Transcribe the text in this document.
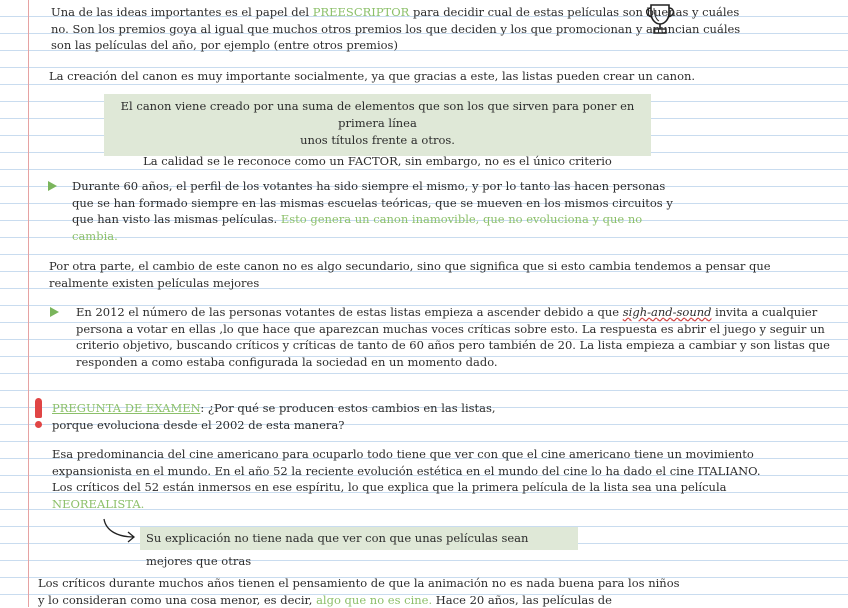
Una de las ideas importantes es el papel del PREESCRIPTOR para decidir cual de estas películas son buenas y cuáles
no. Son los premios goya al igual que muchos otros premios los que deciden y los que promocionan y anuncian cuáles
son las películas del año, por ejemplo (entre otros premios)
La creación del canon es muy importante socialmente, ya que gracias a este, las listas pueden crear un canon.
El canon viene creado por una suma de elementos que son los que sirven para poner en primera línea
unos títulos frente a otros.
La calidad se le reconoce como un FACTOR, sin embargo, no es el único criterio
Durante 60 años, el perfil de los votantes ha sido siempre el mismo, y por lo tanto las hacen personas
que se han formado siempre en las mismas escuelas teóricas, que se mueven en los mismos circuitos y
que han visto las mismas películas. Esto genera un canon inamovible, que no evoluciona y que no
cambia.
Por otra parte, el cambio de este canon no es algo secundario, sino que significa que si esto cambia tendemos a pensar que
realmente existen películas mejores
En 2012 el número de las personas votantes de estas listas empieza a ascender debido a que sigh-and-sound invita a cualquier
persona a votar en ellas ,lo que hace que aparezcan muchas voces críticas sobre esto. La respuesta es abrir el juego y seguir un
criterio objetivo, buscando críticos y críticas de tanto de 60 años pero también de 20. La lista empieza a cambiar y son listas que
responden a como estaba configurada la sociedad en un momento dado.
PREGUNTA DE EXAMEN: ¿Por qué se producen estos cambios en las listas,
porque evoluciona desde el 2002 de esta manera?
Esa predominancia del cine americano para ocuparlo todo tiene que ver con que el cine americano tiene un movimiento
expansionista en el mundo. En el año 52 la reciente evolución estética en el mundo del cine lo ha dado el cine ITALIANO.
Los críticos del 52 están inmersos en ese espíritu, lo que explica que la primera película de la lista sea una película
NEOREALISTA.
Su explicación no tiene nada que ver con que unas películas sean mejores que otras
Los críticos durante muchos años tienen el pensamiento de que la animación no es nada buena para los niños
y lo consideran como una cosa menor, es decir, algo que no es cine. Hace 20 años, las películas de
